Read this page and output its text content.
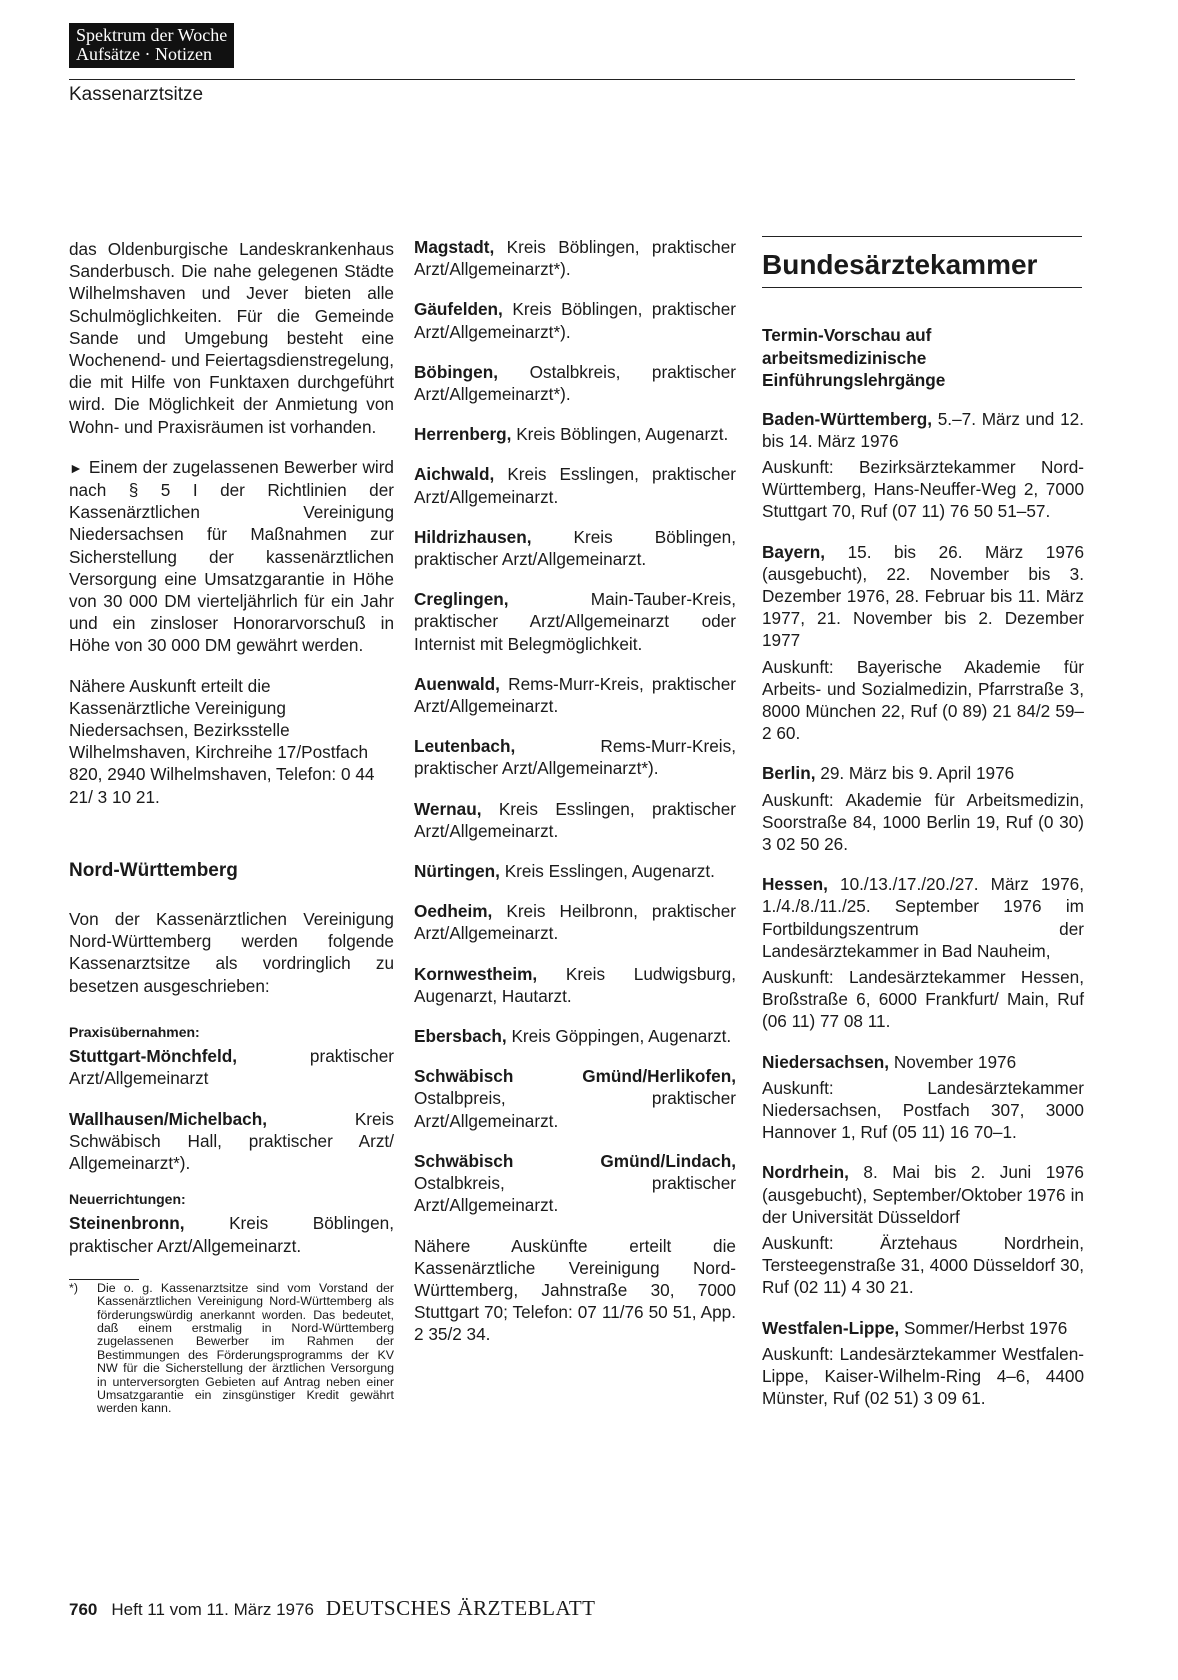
Spektrum der Woche
Aufsätze · Notizen
Kassenarztsitze

das Oldenburgische Landeskrankenhaus Sanderbusch. Die nahe gelegenen Städte Wilhelmshaven und Jever bieten alle Schulmöglichkeiten. Für die Gemeinde Sande und Umgebung besteht eine Wochenend- und Feiertagsdienstregelung, die mit Hilfe von Funktaxen durchgeführt wird. Die Möglichkeit der Anmietung von Wohn- und Praxisräumen ist vorhanden.

► Einem der zugelassenen Bewerber wird nach § 5 I der Richtlinien der Kassenärztlichen Vereinigung Niedersachsen für Maßnahmen zur Sicherstellung der kassenärztlichen Versorgung eine Umsatzgarantie in Höhe von 30 000 DM vierteljährlich für ein Jahr und ein zinsloser Honorarvorschuß in Höhe von 30 000 DM gewährt werden.

Nähere Auskunft erteilt die Kassenärztliche Vereinigung Niedersachsen, Bezirksstelle Wilhelmshaven, Kirchreihe 17/Postfach 820, 2940 Wilhelmshaven, Telefon: 0 44 21/ 3 10 21.

Nord-Württemberg

Von der Kassenärztlichen Vereinigung Nord-Württemberg werden folgende Kassenarztsitze als vordringlich zu besetzen ausgeschrieben:

Praxisübernahmen:

Stuttgart-Mönchfeld, praktischer Arzt/Allgemeinarzt

Wallhausen/Michelbach, Kreis Schwäbisch Hall, praktischer Arzt/ Allgemeinarzt*).

Neuerrichtungen:

Steinenbronn, Kreis Böblingen, praktischer Arzt/Allgemeinarzt.

*)	Die o. g. Kassenarztsitze sind vom Vorstand der Kassenärztlichen Vereinigung Nord-Württemberg als förderungswürdig anerkannt worden. Das bedeutet, daß einem erstmalig in Nord-Württemberg zugelassenen Bewerber im Rahmen der Bestimmungen des Förderungsprogramms der KV NW für die Sicherstellung der ärztlichen Versorgung in unterversorgten Gebieten auf Antrag neben einer Umsatzgarantie ein zinsgünstiger Kredit gewährt werden kann.

Magstadt, Kreis Böblingen, praktischer Arzt/Allgemeinarzt*).

Gäufelden, Kreis Böblingen, praktischer Arzt/Allgemeinarzt*).

Böbingen, Ostalbkreis, praktischer Arzt/Allgemeinarzt*).

Herrenberg, Kreis Böblingen, Augenarzt.

Aichwald, Kreis Esslingen, praktischer Arzt/Allgemeinarzt.

Hildrizhausen, Kreis Böblingen, praktischer Arzt/Allgemeinarzt.

Creglingen, Main-Tauber-Kreis, praktischer Arzt/Allgemeinarzt oder Internist mit Belegmöglichkeit.

Auenwald, Rems-Murr-Kreis, praktischer Arzt/Allgemeinarzt.

Leutenbach, Rems-Murr-Kreis, praktischer Arzt/Allgemeinarzt*).

Wernau, Kreis Esslingen, praktischer Arzt/Allgemeinarzt.

Nürtingen, Kreis Esslingen, Augenarzt.

Oedheim, Kreis Heilbronn, praktischer Arzt/Allgemeinarzt.

Kornwestheim, Kreis Ludwigsburg, Augenarzt, Hautarzt.

Ebersbach, Kreis Göppingen, Augenarzt.

Schwäbisch Gmünd/Herlikofen, Ostalbpreis, praktischer Arzt/Allgemeinarzt.

Schwäbisch Gmünd/Lindach, Ostalbkreis, praktischer Arzt/Allgemeinarzt.

Nähere Auskünfte erteilt die Kassenärztliche Vereinigung Nord-Württemberg, Jahnstraße 30, 7000 Stuttgart 70; Telefon: 07 11/76 50 51, App. 2 35/2 34.

Bundesärztekammer

Termin-Vorschau auf arbeitsmedizinische Einführungslehrgänge

Baden-Württemberg, 5.–7. März und 12. bis 14. März 1976

Auskunft: Bezirksärztekammer Nord-Württemberg, Hans-Neuffer-Weg 2, 7000 Stuttgart 70, Ruf (07 11) 76 50 51–57.

Bayern, 15. bis 26. März 1976 (ausgebucht), 22. November bis 3. Dezember 1976, 28. Februar bis 11. März 1977, 21. November bis 2. Dezember 1977

Auskunft: Bayerische Akademie für Arbeits- und Sozialmedizin, Pfarrstraße 3, 8000 München 22, Ruf (0 89) 21 84/2 59–2 60.

Berlin, 29. März bis 9. April 1976

Auskunft: Akademie für Arbeitsmedizin, Soorstraße 84, 1000 Berlin 19, Ruf (0 30) 3 02 50 26.

Hessen, 10./13./17./20./27. März 1976, 1./4./8./11./25. September 1976 im Fortbildungszentrum der Landesärztekammer in Bad Nauheim,

Auskunft: Landesärztekammer Hessen, Broßstraße 6, 6000 Frankfurt/ Main, Ruf (06 11) 77 08 11.

Niedersachsen, November 1976

Auskunft: Landesärztekammer Niedersachsen, Postfach 307, 3000 Hannover 1, Ruf (05 11) 16 70–1.

Nordrhein, 8. Mai bis 2. Juni 1976 (ausgebucht), September/Oktober 1976 in der Universität Düsseldorf

Auskunft: Ärztehaus Nordrhein, Tersteegenstraße 31, 4000 Düsseldorf 30, Ruf (02 11) 4 30 21.

Westfalen-Lippe, Sommer/Herbst 1976

Auskunft: Landesärztekammer Westfalen-Lippe, Kaiser-Wilhelm-Ring 4–6, 4400 Münster, Ruf (02 51) 3 09 61.

760 Heft 11 vom 11. März 1976 DEUTSCHES ÄRZTEBLATT
